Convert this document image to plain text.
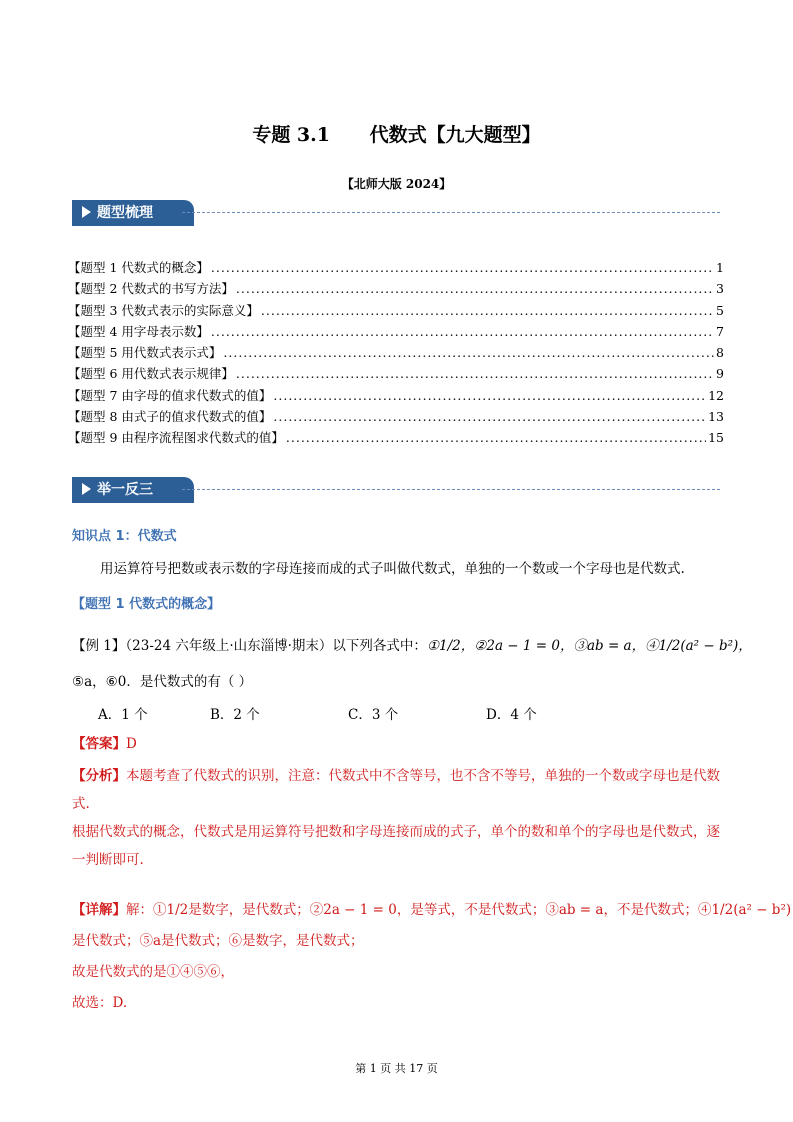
专题 3.1      代数式【九大题型】
【北师大版 2024】
题型梳理
【题型 1 代数式的概念】 .....	1
【题型 2 代数式的书写方法】 .....	3
【题型 3 代数式表示的实际意义】 .....	5
【题型 4 用字母表示数】 .....	7
【题型 5 用代数式表示式】 .....	8
【题型 6 用代数式表示规律】 .....	9
【题型 7 由字母的值求代数式的值】 .....	12
【题型 8 由式子的值求代数式的值】 .....	13
【题型 9 由程序流程图求代数式的值】 .....	15
举一反三
知识点 1：代数式
用运算符号把数或表示数的字母连接而成的式子叫做代数式，单独的一个数或一个字母也是代数式.
【题型 1 代数式的概念】
【例 1】（23-24 六年级上·山东淄博·期末）以下列各式中：①1/2，②2a − 1 = 0，③ab = a，④1/2(a² − b²)，
⑤a，⑥0．是代数式的有（ ）
A．1 个	B．2 个	C．3 个	D．4 个
【答案】D
【分析】本题考查了代数式的识别，注意：代数式中不含等号，也不含不等号，单独的一个数或字母也是代数式.
根据代数式的概念，代数式是用运算符号把数和字母连接而成的式子，单个的数和单个的字母也是代数式，逐一判断即可.
【详解】解：①1/2是数字，是代数式；②2a − 1 = 0，是等式，不是代数式；③ab = a，不是代数式；④1/2(a² − b²)
是代数式；⑤a是代数式；⑥是数字，是代数式；
故是代数式的是①④⑤⑥，
故选：D.
第 1 页 共 17 页
